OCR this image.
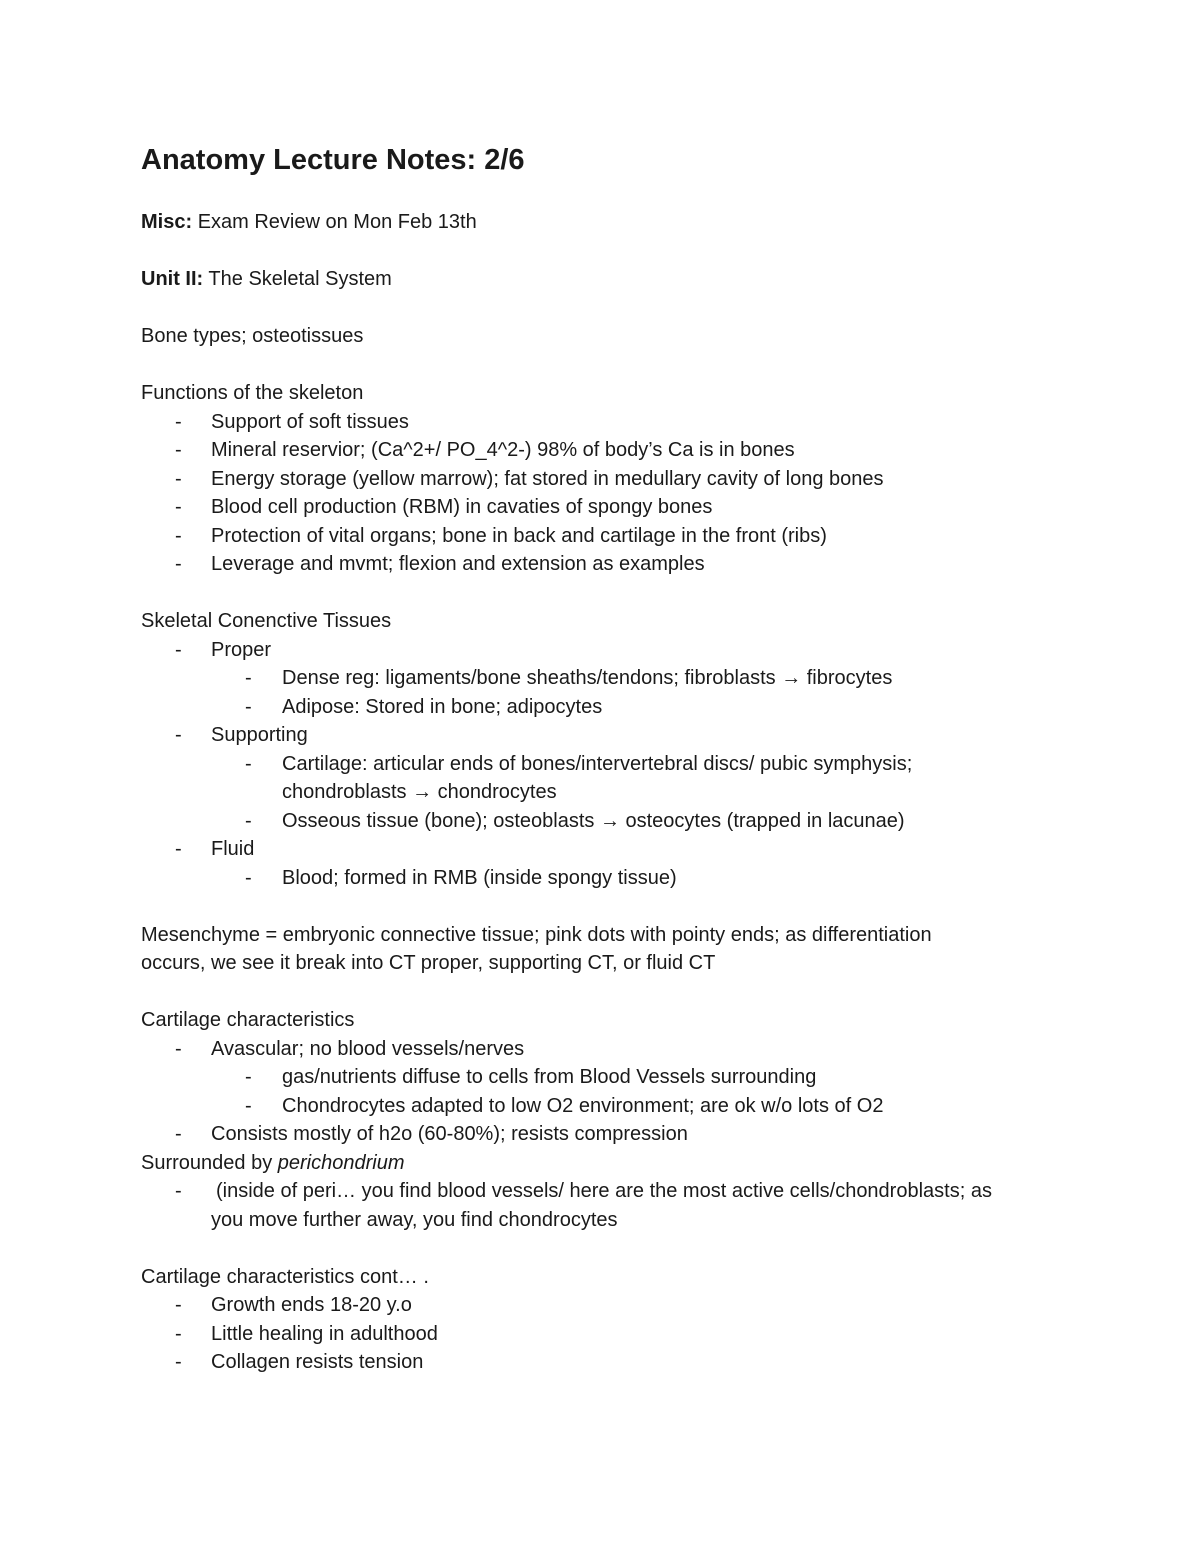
Anatomy Lecture Notes: 2/6
Misc: Exam Review on Mon Feb 13th
Unit II: The Skeletal System
Bone types; osteotissues
Functions of the skeleton
- Support of soft tissues
- Mineral reservior; (Ca^2+/ PO_4^2-) 98% of body’s Ca is in bones
- Energy storage (yellow marrow); fat stored in medullary cavity of long bones
- Blood cell production (RBM) in cavaties of spongy bones
- Protection of vital organs; bone in back and cartilage in the front (ribs)
- Leverage and mvmt; flexion and extension as examples
Skeletal Conenctive Tissues
- Proper
- Dense reg: ligaments/bone sheaths/tendons; fibroblasts → fibrocytes
- Adipose: Stored in bone; adipocytes
- Supporting
- Cartilage: articular ends of bones/intervertebral discs/ pubic symphysis;
chondroblasts → chondrocytes
- Osseous tissue (bone); osteoblasts → osteocytes (trapped in lacunae)
- Fluid
- Blood; formed in RMB (inside spongy tissue)
Mesenchyme = embryonic connective tissue; pink dots with pointy ends; as differentiation
occurs, we see it break into CT proper, supporting CT, or fluid CT
Cartilage characteristics
- Avascular; no blood vessels/nerves
- gas/nutrients diffuse to cells from Blood Vessels surrounding
- Chondrocytes adapted to low O2 environment; are ok w/o lots of O2
- Consists mostly of h2o (60-80%); resists compression
Surrounded by perichondrium
- (inside of peri… you find blood vessels/ here are the most active cells/chondroblasts; as
you move further away, you find chondrocytes
Cartilage characteristics cont… .
- Growth ends 18-20 y.o
- Little healing in adulthood
- Collagen resists tension
